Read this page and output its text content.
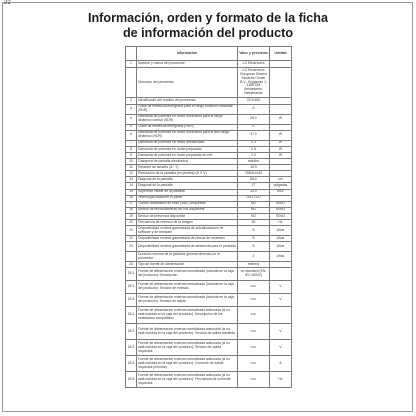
22
Información, orden y formato de la ficha
de información del producto
	Información	Valor y precisión	Unidad
1	Nombre y marca del proveedor	LG Electronics	
	Dirección del proveedor	LG Electronics European Shared Services Center B.V., Krijgsman 1, 1186 DM Amstelveen, Netherlands	
2	Identificador del modelo del proveedor	37LK450	
3	Clase de eficiencia energética para el rango dinámico estándar (SDR)	G	
4	Demanda de potencia en modo encendido para el rango dinámico normal (SDR)	28.0	W
5	Clase de eficiencia energética (HDR)	G	
6	Demanda de potencia en modo encendido para el alto rango dinámico (HDR)	37.0	W
7	Demanda de potencia en modo desactivado	0.3	W
8	Demanda de potencia en modo preparado	0.5	W
9	Demanda de potencia en modo preparado en red	2.0	W
10	Categoría de pantalla electrónica	monitor	
11	Relación de tamaño (A : Y)	16:9	
12	Resolución de la pantalla (en píxeles) (H X V)	2560x1440	
13	Diagonal de la pantalla	68.6	cm
14	Diagonal de la pantalla	27	pulgadas
15	Superficie visible de la pantalla	20.0	dm2
16	Tecnología usada en el panel	LED LCD	
17	Control automático de brillo (ABC) disponible	NO	SÍ/NO
18	Sensor de reconocimiento de voz disponible	NO	SÍ/NO
19	Sensor de presencia disponible	NO	SÍ/NO
20	Frecuencia de refresco de la imagen	60	Hz
21	Disponibilidad mínima garantizada de actualizaciones de software y de firmware	8	Años
22	Disponibilidad mínima garantizada de piezas de recambio	8	Años
23	Disponibilidad mínima garantizada de asistencia para el producto	8	Años
	Duración mínima de la garantía general ofrecida por el proveedor	2	Años
24	Tipo de fuente de alimentación	externa	
25.1	Fuente de alimentación externa normalizada (incluida en la caja del producto): Descripción	no standard (EN: IEC 63002)	
25.2	Fuente de alimentación externa normalizada (incluida en la caja del producto): Tensión de entrada	n.a.	V
25.3	Fuente de alimentación externa normalizada (incluida en la caja del producto): Tensión de salida	n.a.	V
26.1	Fuente de alimentación externa normalizada adecuada (si no está incluida en la caja del producto): Descripción de los estándares compatibles	n.a.	
26.2	Fuente de alimentación externa normalizada adecuada (si no está incluida en la caja del producto): Tensión de salida admitida	n.a.	V
26.3	Fuente de alimentación externa normalizada adecuada (si no está incluida en la caja del producto): Tensión de salida requerida	n.a.	V
26.4	Fuente de alimentación externa normalizada adecuada (si no está incluida en la caja del producto): Corriente de salida requerida (mínima)	n.a.	A
26.5	Fuente de alimentación externa normalizada adecuada (si no está incluida en la caja del producto): Frecuencia de corriente requerida	n.a.	Hz
